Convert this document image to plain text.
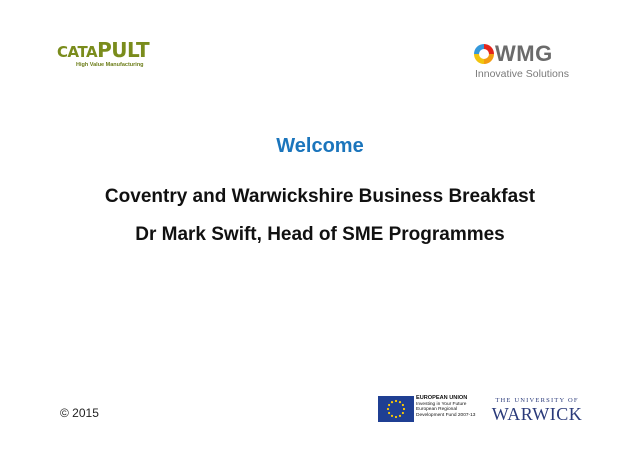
CATAPULT
High Value Manufacturing	WMG
Innovative Solutions
Welcome
Coventry and Warwickshire Business Breakfast
Dr Mark Swift, Head of SME Programmes
© 2015
EUROPEAN UNION
Investing in Your Future
European Regional
Development Fund 2007-13
THE UNIVERSITY OF
WARWICK
